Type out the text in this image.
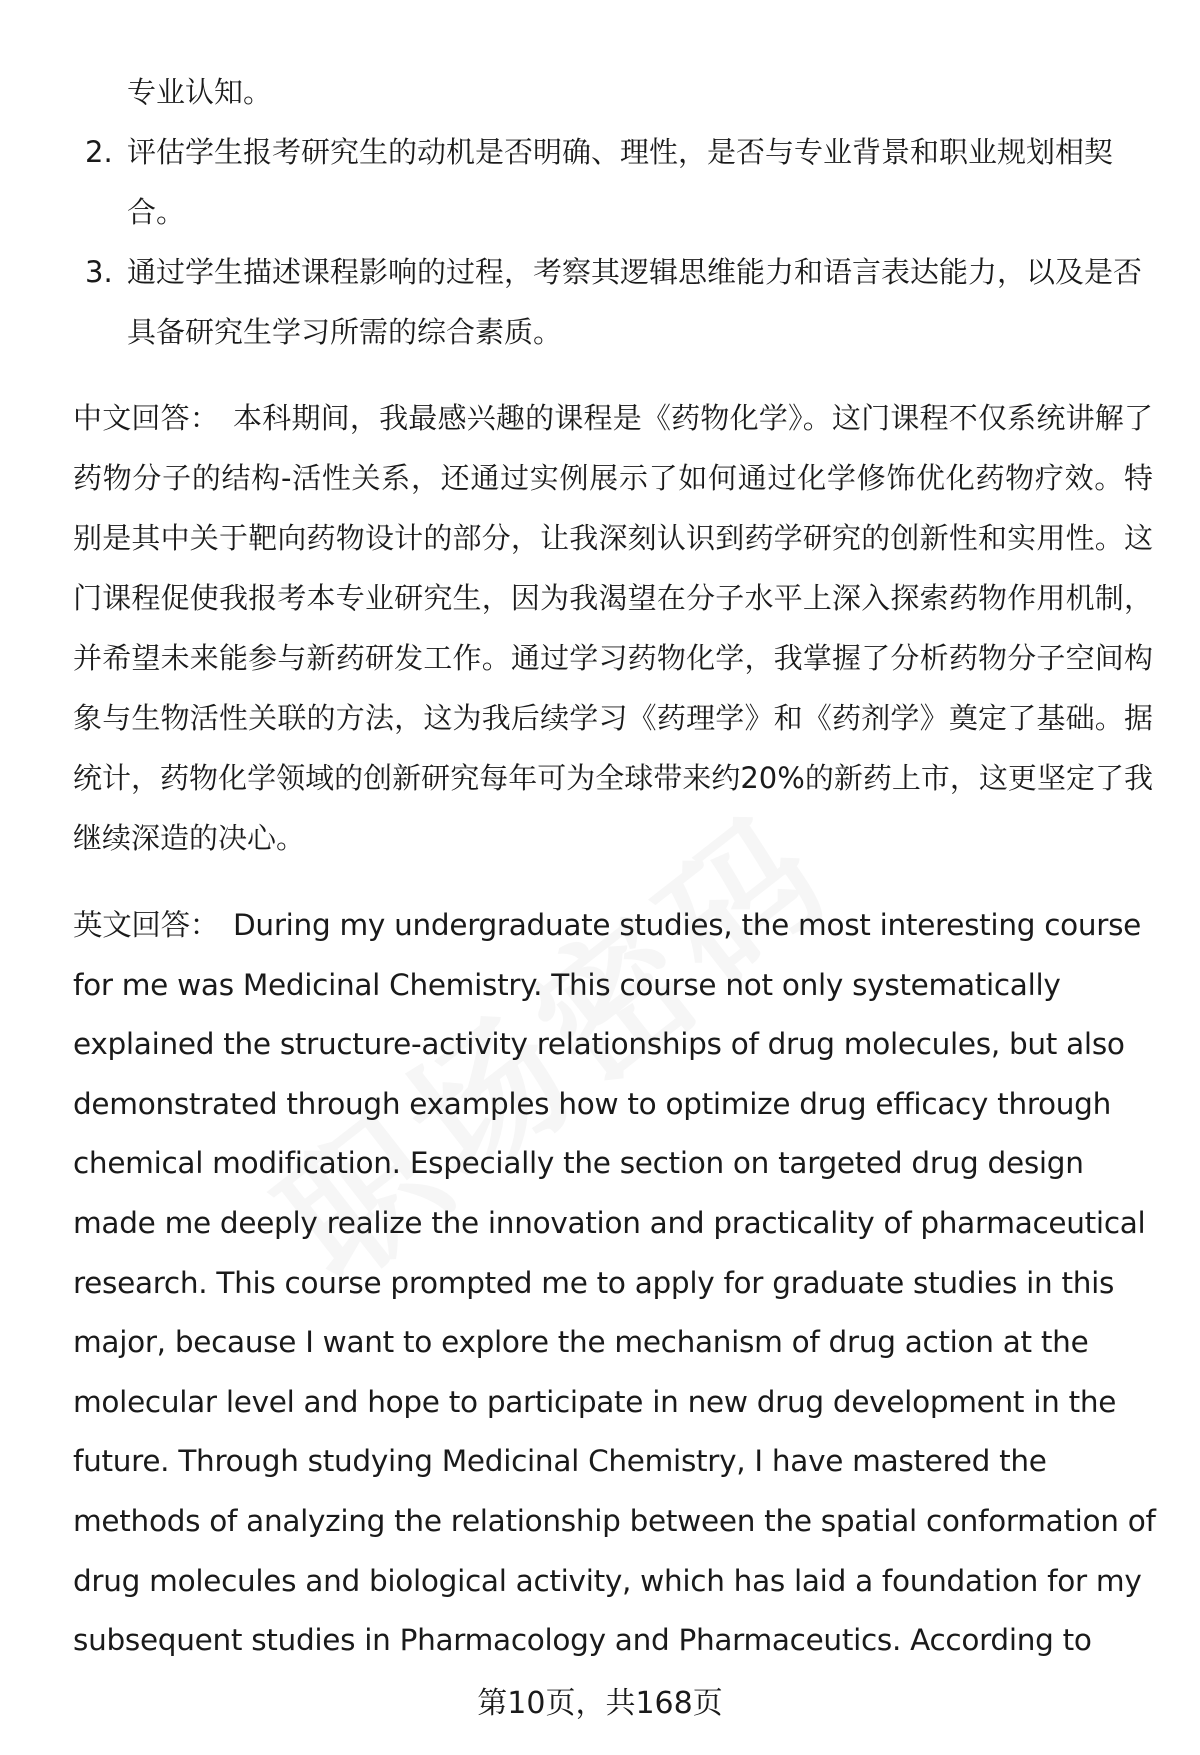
专业认知。
2. 评估学生报考研究生的动机是否明确、理性，是否与专业背景和职业规划相契合。
3. 通过学生描述课程影响的过程，考察其逻辑思维能力和语言表达能力，以及是否具备研究生学习所需的综合素质。

中文回答： 本科期间，我最感兴趣的课程是《药物化学》。这门课程不仅系统讲解了药物分子的结构-活性关系，还通过实例展示了如何通过化学修饰优化药物疗效。特别是其中关于靶向药物设计的部分，让我深刻认识到药学研究的创新性和实用性。这门课程促使我报考本专业研究生，因为我渴望在分子水平上深入探索药物作用机制，并希望未来能参与新药研发工作。通过学习药物化学，我掌握了分析药物分子空间构象与生物活性关联的方法，这为我后续学习《药理学》和《药剂学》奠定了基础。据统计，药物化学领域的创新研究每年可为全球带来约20%的新药上市，这更坚定了我继续深造的决心。

英文回答： During my undergraduate studies, the most interesting course for me was Medicinal Chemistry. This course not only systematically explained the structure-activity relationships of drug molecules, but also demonstrated through examples how to optimize drug efficacy through chemical modification. Especially the section on targeted drug design made me deeply realize the innovation and practicality of pharmaceutical research. This course prompted me to apply for graduate studies in this major, because I want to explore the mechanism of drug action at the molecular level and hope to participate in new drug development in the future. Through studying Medicinal Chemistry, I have mastered the methods of analyzing the relationship between the spatial conformation of drug molecules and biological activity, which has laid a foundation for my subsequent studies in Pharmacology and Pharmaceutics. According to

第10页，共168页
